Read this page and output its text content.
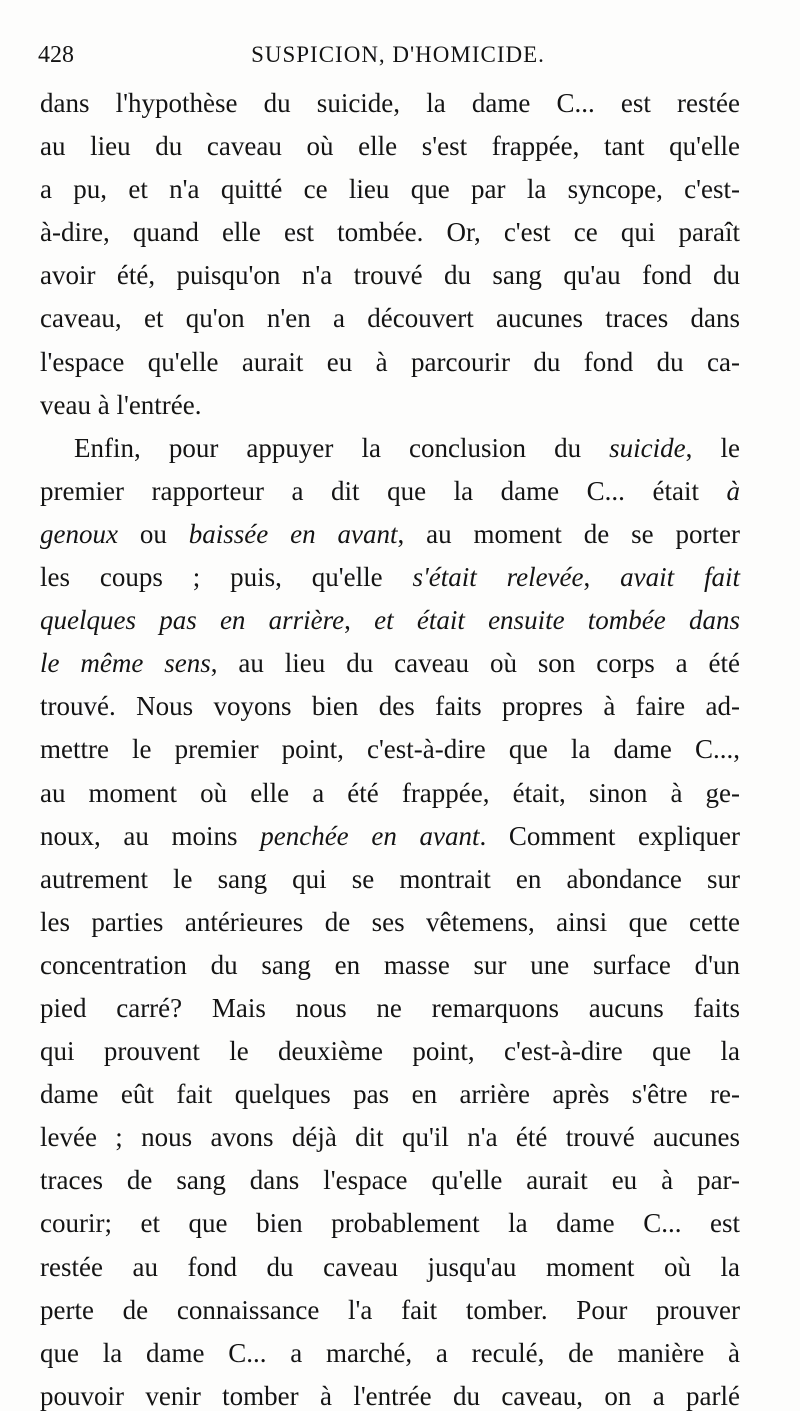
428	SUSPICION, D'HOMICIDE.
dans l'hypothèse du suicide, la dame C... est restée
au lieu du caveau où elle s'est frappée, tant qu'elle
a pu, et n'a quitté ce lieu que par la syncope, c'est-
à-dire, quand elle est tombée. Or, c'est ce qui paraît
avoir été, puisqu'on n'a trouvé du sang qu'au fond du
caveau, et qu'on n'en a découvert aucunes traces dans
l'espace qu'elle aurait eu à parcourir du fond du ca-
veau à l'entrée.
Enfin, pour appuyer la conclusion du suicide, le
premier rapporteur a dit que la dame C... était à
genoux ou baissée en avant, au moment de se porter
les coups ; puis, qu'elle s'était relevée, avait fait
quelques pas en arrière, et était ensuite tombée dans
le même sens, au lieu du caveau où son corps a été
trouvé. Nous voyons bien des faits propres à faire ad-
mettre le premier point, c'est-à-dire que la dame C...,
au moment où elle a été frappée, était, sinon à ge-
noux, au moins penchée en avant. Comment expliquer
autrement le sang qui se montrait en abondance sur
les parties antérieures de ses vêtemens, ainsi que cette
concentration du sang en masse sur une surface d'un
pied carré? Mais nous ne remarquons aucuns faits
qui prouvent le deuxième point, c'est-à-dire que la
dame eût fait quelques pas en arrière après s'être re-
levée ; nous avons déjà dit qu'il n'a été trouvé aucunes
traces de sang dans l'espace qu'elle aurait eu à par-
courir; et que bien probablement la dame C... est
restée au fond du caveau jusqu'au moment où la
perte de connaissance l'a fait tomber. Pour prouver
que la dame C... a marché, a reculé, de manière à
pouvoir venir tomber à l'entrée du caveau, on a parlé
